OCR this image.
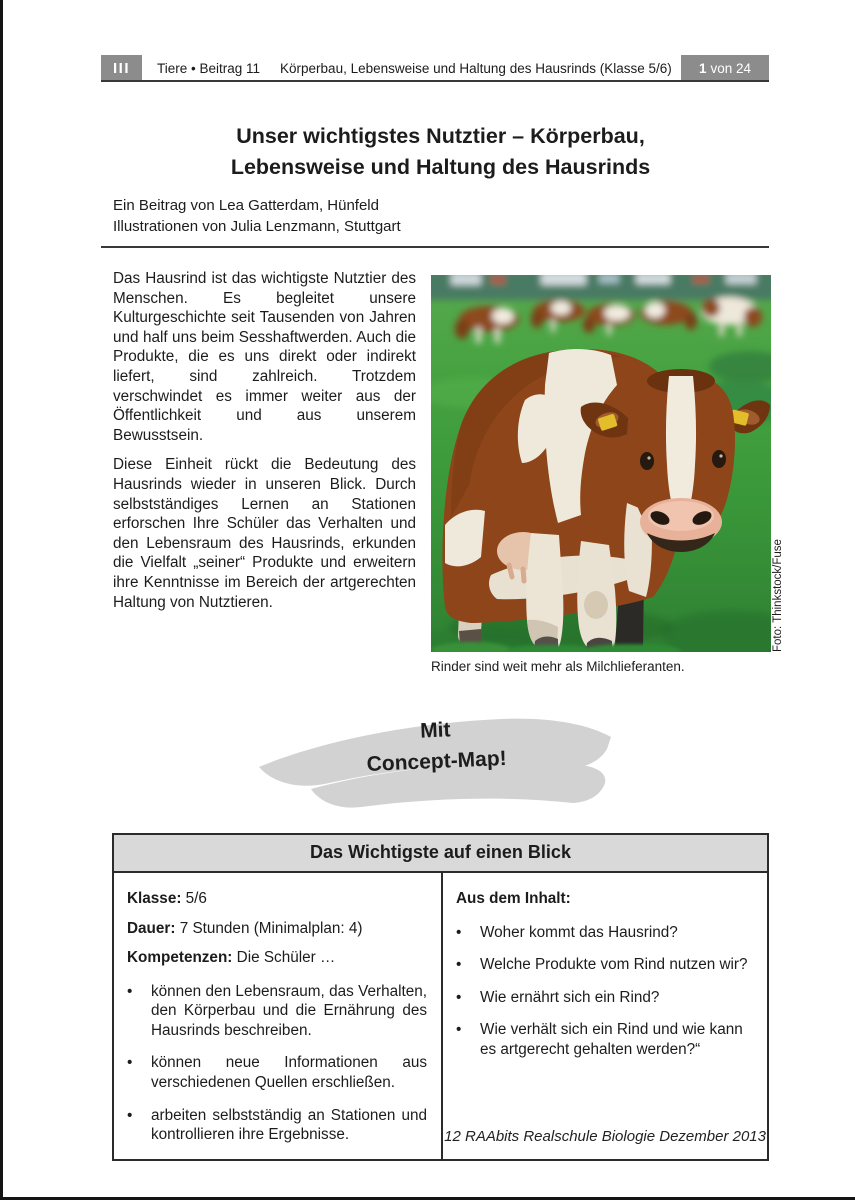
III	Tiere • Beitrag 11 Körperbau, Lebensweise und Haltung des Hausrinds (Klasse 5/6) 1 von 24
Unser wichtigstes Nutztier – Körperbau,
Lebensweise und Haltung des Hausrinds
Ein Beitrag von Lea Gatterdam, Hünfeld
Illustrationen von Julia Lenzmann, Stuttgart

Das Hausrind ist das wichtigste Nutztier des Menschen. Es begleitet unsere Kulturgeschichte seit Tausenden von Jahren und half uns beim Sesshaftwerden. Auch die Produkte, die es uns direkt oder indirekt liefert, sind zahlreich. Trotzdem verschwindet es immer weiter aus der Öffentlichkeit und aus unserem Bewusstsein.

Diese Einheit rückt die Bedeutung des Hausrinds wieder in unseren Blick. Durch selbstständiges Lernen an Stationen erforschen Ihre Schüler das Verhalten und den Lebensraum des Hausrinds, erkunden die Vielfalt „seiner“ Produkte und erweitern ihre Kenntnisse im Bereich der artgerechten Haltung von Nutztieren.

Rinder sind weit mehr als Milchlieferanten.
Foto: Thinkstock/Fuse
Mit
Concept-Map!
Das Wichtigste auf einen Blick

Klasse: 5/6

Dauer: 7 Stunden (Minimalplan: 4)

Kompetenzen: Die Schüler …

•
können den Lebensraum, das Verhalten, den Körperbau und die Ernährung des Hausrinds beschreiben.
•
können neue Informationen aus verschiedenen Quellen erschließen.
•
arbeiten selbstständig an Stationen und kontrollieren ihre Ergebnisse.

Aus dem Inhalt:

•
Woher kommt das Hausrind?
•
Welche Produkte vom Rind nutzen wir?
•
Wie ernährt sich ein Rind?
•
Wie verhält sich ein Rind und wie kann es artgerecht gehalten werden?“
12 RAAbits Realschule Biologie Dezember 2013
